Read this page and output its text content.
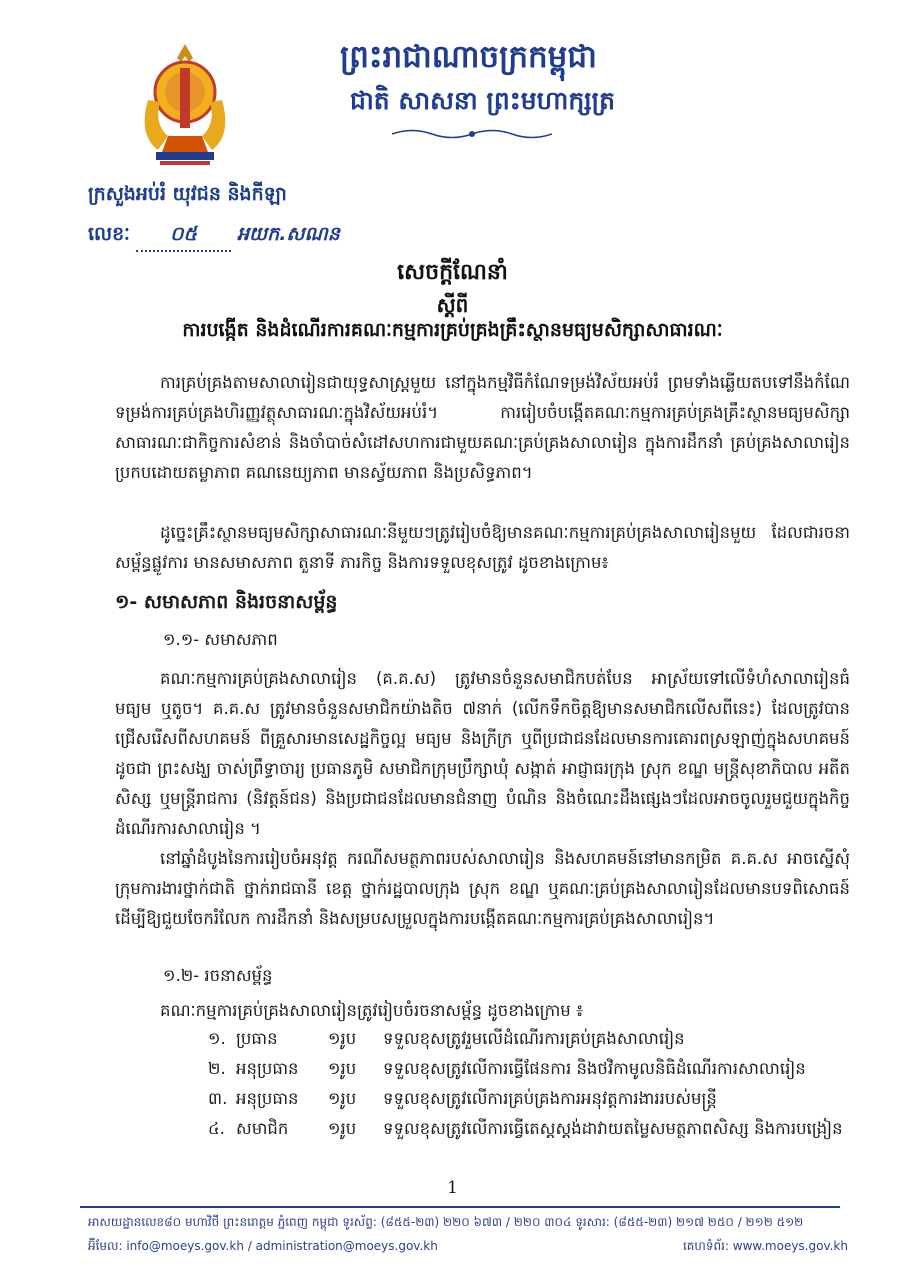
ព្រះរាជាណាចក្រកម្ពុជា
ជាតិ សាសនា ព្រះមហាក្សត្រ
ក្រសួងអប់រំ យុវជន និងកីឡា
លេខៈ	០៥	អយក.សណន
សេចក្តីណែនាំ
ស្តីពី
ការបង្កើត និងដំណើរការគណៈកម្មការគ្រប់គ្រងគ្រឹះស្ថានមធ្យមសិក្សាសាធារណៈ
ការគ្រប់គ្រងតាមសាលារៀនជាយុទ្ធសាស្ត្រមួយ នៅក្នុងកម្មវិធីកំណែទម្រង់វិស័យអប់រំ ព្រមទាំងឆ្លើយតបទៅនឹងកំណែទម្រង់ការគ្រប់គ្រងហិរញ្ញវត្ថុសាធារណៈក្នុងវិស័យអប់រំ។ ការរៀបចំបង្កើតគណៈកម្មការគ្រប់គ្រងគ្រឹះស្ថានមធ្យមសិក្សាសាធារណៈជាកិច្ចការសំខាន់ និងចាំបាច់សំដៅសហការជាមួយគណៈគ្រប់គ្រងសាលារៀន ក្នុងការដឹកនាំ គ្រប់គ្រងសាលារៀនប្រកបដោយតម្លាភាព គណនេយ្យភាព មានស្វ័យភាព និងប្រសិទ្ធភាព។
ដូច្នេះគ្រឹះស្ថានមធ្យមសិក្សាសាធារណៈនីមួយៗត្រូវរៀបចំឱ្យមានគណៈកម្មការគ្រប់គ្រងសាលារៀនមួយ ដែលជារចនាសម្ព័ន្ធផ្លូវការ មានសមាសភាព តួនាទី ភារកិច្ច និងការទទួលខុសត្រូវ ដូចខាងក្រោម៖
១- សមាសភាព និងរចនាសម្ព័ន្ធ
១.១- សមាសភាព
គណៈកម្មការគ្រប់គ្រងសាលារៀន (គ.គ.ស) ត្រូវមានចំនួនសមាជិកបត់បែន អាស្រ័យទៅលើទំហំសាលារៀនធំ មធ្យម ឬតូច។ គ.គ.ស ត្រូវមានចំនួនសមាជិកយ៉ាងតិច ៧នាក់ (លើកទឹកចិត្តឱ្យមានសមាជិកលើសពីនេះ) ដែលត្រូវបានជ្រើសរើសពីសហគមន៍ ពីគ្រួសារមានសេដ្ឋកិច្ចល្អ មធ្យម និងក្រីក្រ ឬពីប្រជាជនដែលមានការគោរពស្រឡាញ់ក្នុងសហគមន៍ ដូចជា ព្រះសង្ឃ ចាស់ព្រឹទ្ធាចារ្យ ប្រធានភូមិ សមាជិកក្រុមប្រឹក្សាឃុំ សង្កាត់ អាជ្ញាធរក្រុង ស្រុក ខណ្ឌ មន្ត្រីសុខាភិបាល អតីតសិស្ស ឬមន្ត្រីរាជការ (និវត្តន៍ជន) និងប្រជាជនដែលមានជំនាញ បំណិន និងចំណេះដឹងផ្សេងៗដែលអាចចូលរួមជួយក្នុងកិច្ចដំណើរការសាលារៀន ។
នៅឆ្នាំដំបូងនៃការរៀបចំអនុវត្ត ករណីសមត្ថភាពរបស់សាលារៀន និងសហគមន៍នៅមានកម្រិត គ.គ.ស អាចស្នើសុំក្រុមការងារថ្នាក់ជាតិ ថ្នាក់រាជធានី ខេត្ត ថ្នាក់រដ្ឋបាលក្រុង ស្រុក ខណ្ឌ ឬគណៈគ្រប់គ្រងសាលារៀនដែលមានបទពិសោធន៍ ដើម្បីឱ្យជួយចែករំលែក ការដឹកនាំ និងសម្របសម្រួលក្នុងការបង្កើតគណៈកម្មការគ្រប់គ្រងសាលារៀន។
១.២- រចនាសម្ព័ន្ធ
គណៈកម្មការគ្រប់គ្រងសាលារៀនត្រូវរៀបចំរចនាសម្ព័ន្ធ ដូចខាងក្រោម ៖
១. ប្រធាន	១រូប	ទទួលខុសត្រូវរួមលើដំណើរការគ្រប់គ្រងសាលារៀន
២. អនុប្រធាន	១រូប	ទទួលខុសត្រូវលើការធ្វើផែនការ និងថវិកាមូលនិធិដំណើរការសាលារៀន
៣. អនុប្រធាន	១រូប	ទទួលខុសត្រូវលើការគ្រប់គ្រងការអនុវត្តការងាររបស់មន្ត្រី
៤. សមាជិក	១រូប	ទទួលខុសត្រូវលើការធ្វើតេស្តស្តង់ដាវាយតម្លៃសមត្ថភាពសិស្ស និងការបង្រៀន
1
អាសយដ្ឋានលេខ៨០ មហាវិថី ព្រះនរោត្តម ភ្នំពេញ កម្ពុជា ទូរស័ព្ទ: (៨៥៥-២៣) ២២០ ៦៧៣ / ២២០ ៣០៤ ទូរសារ: (៨៥៥-២៣) ២១៧ ២៥០ / ២១២ ៥១២
អ៊ីមែល: info@moeys.gov.kh / administration@moeys.gov.kh	គេហទំព័រ: www.moeys.gov.kh
